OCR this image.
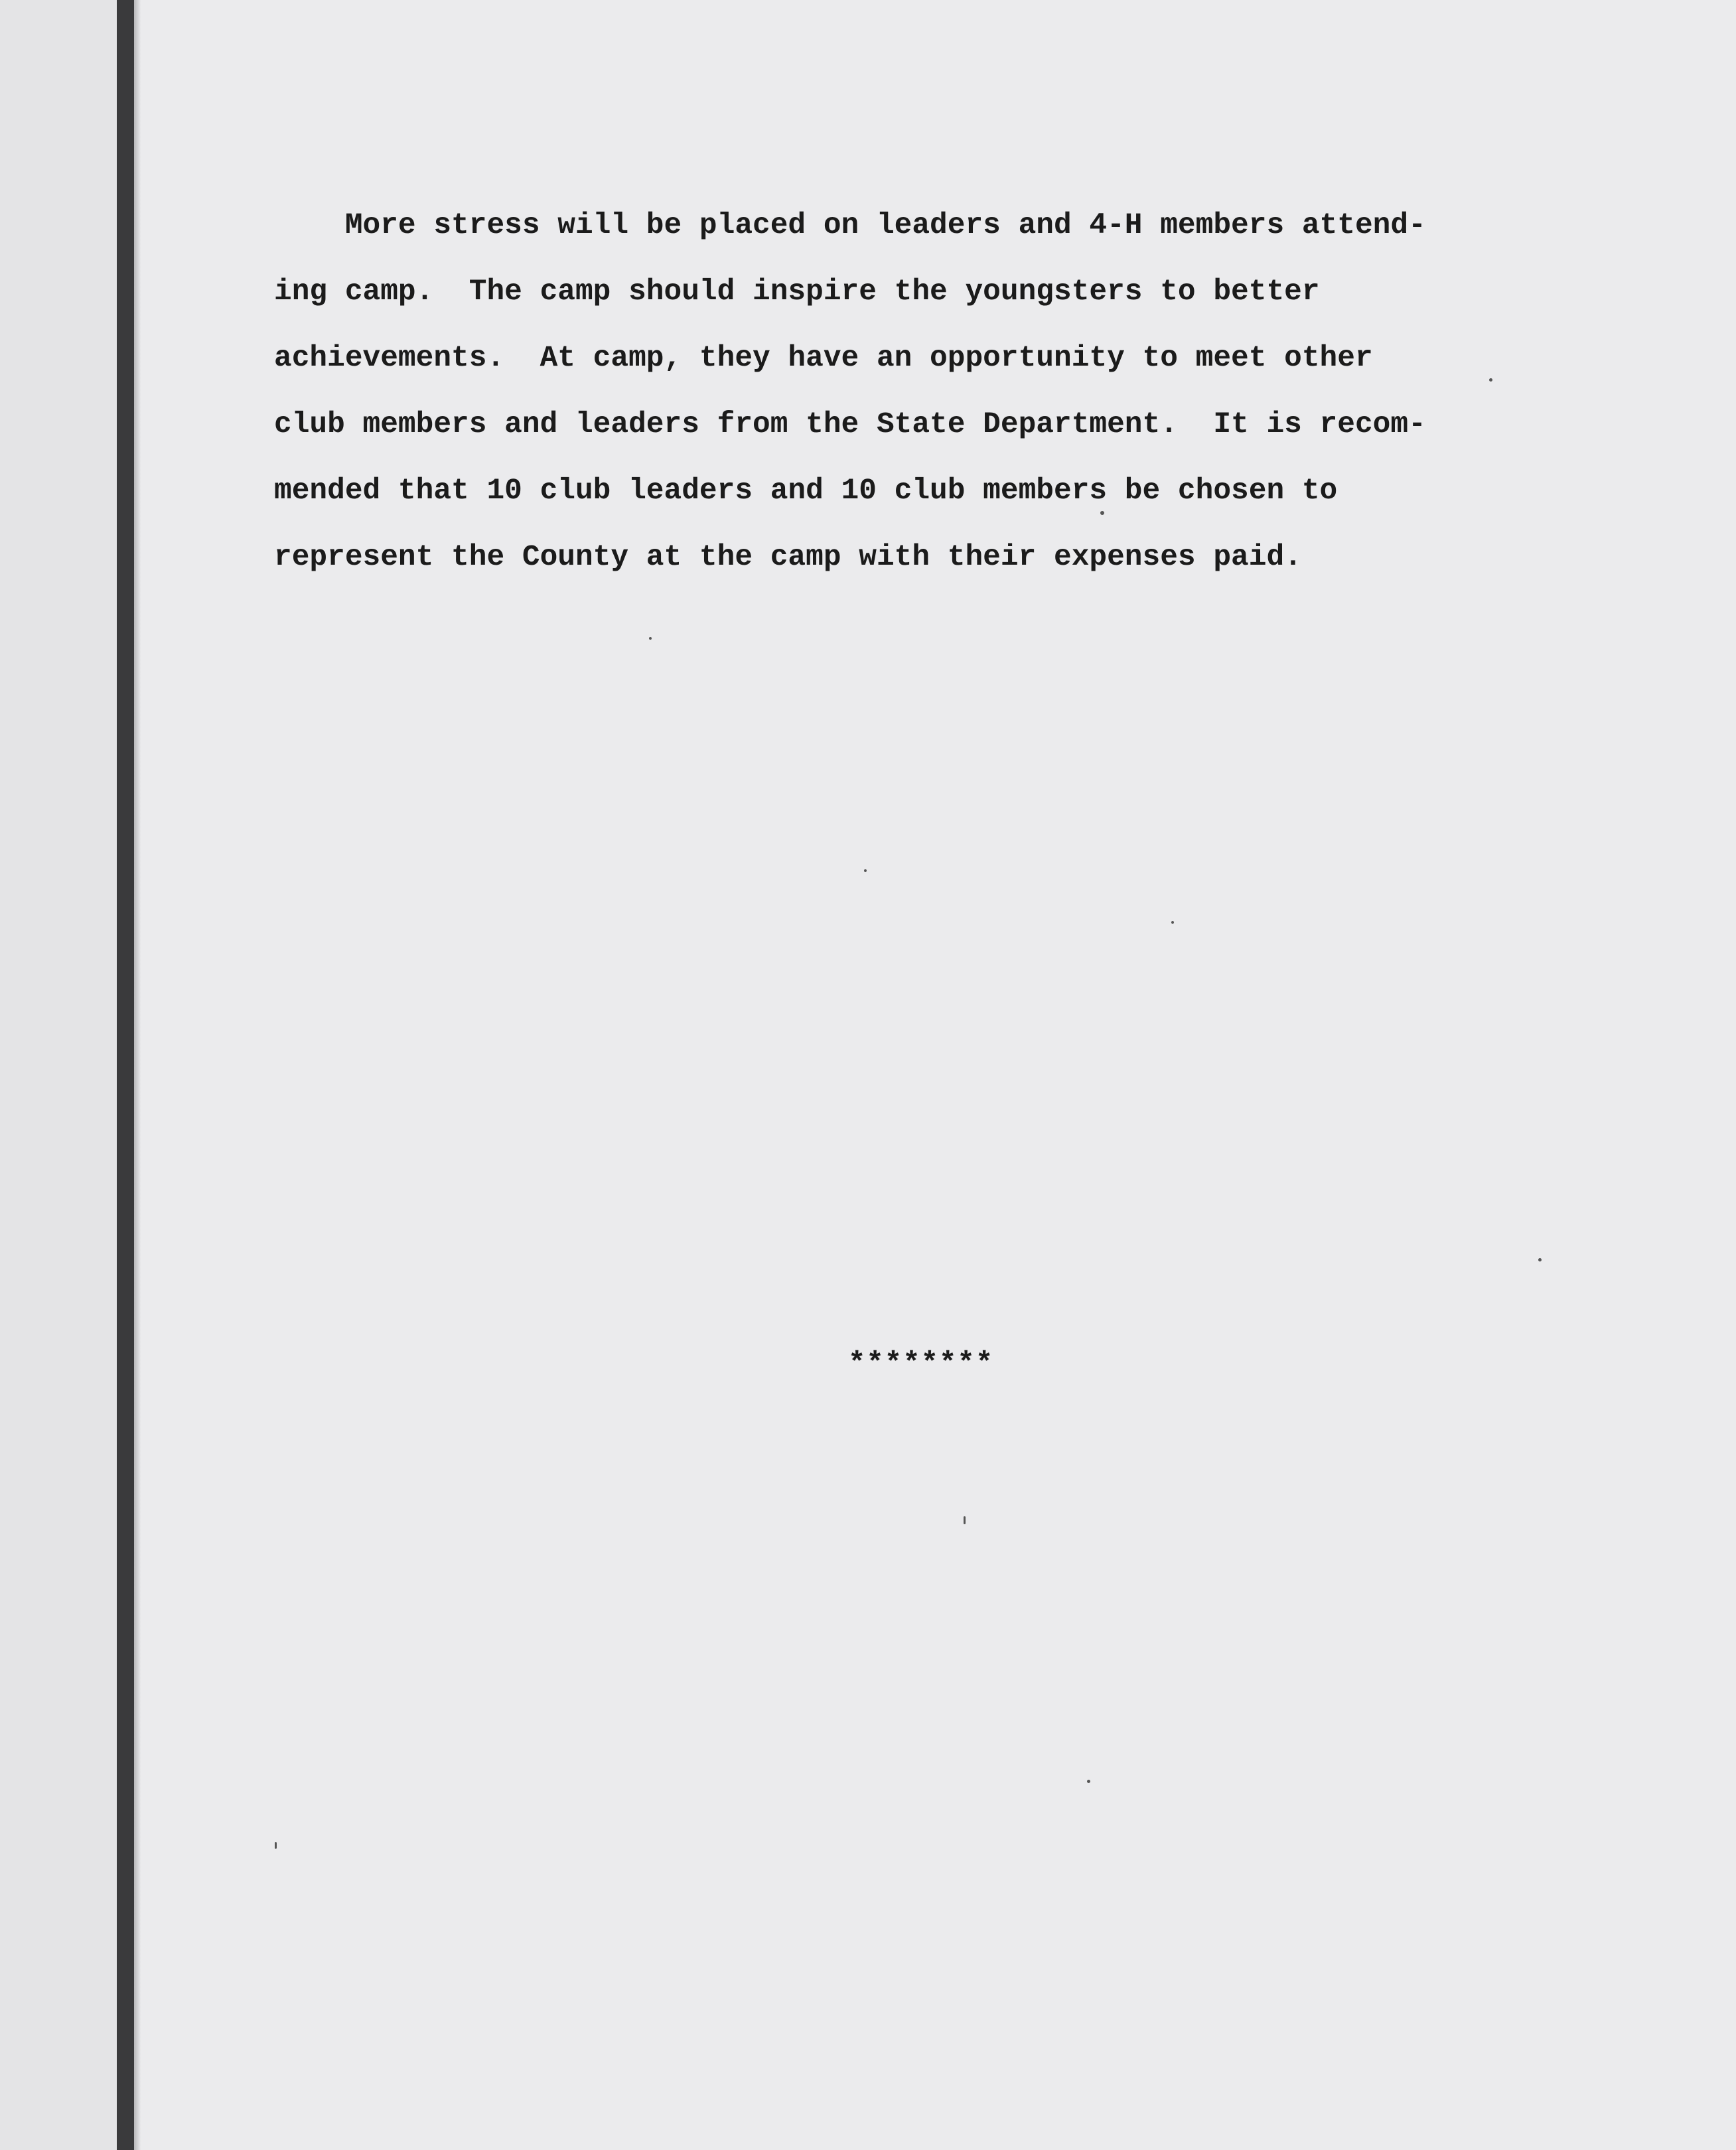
More stress will be placed on leaders and 4-H members attend-
ing camp.  The camp should inspire the youngsters to better
achievements.  At camp, they have an opportunity to meet other
club members and leaders from the State Department.  It is recom-
mended that 10 club leaders and 10 club members be chosen to
represent the County at the camp with their expenses paid.
********
